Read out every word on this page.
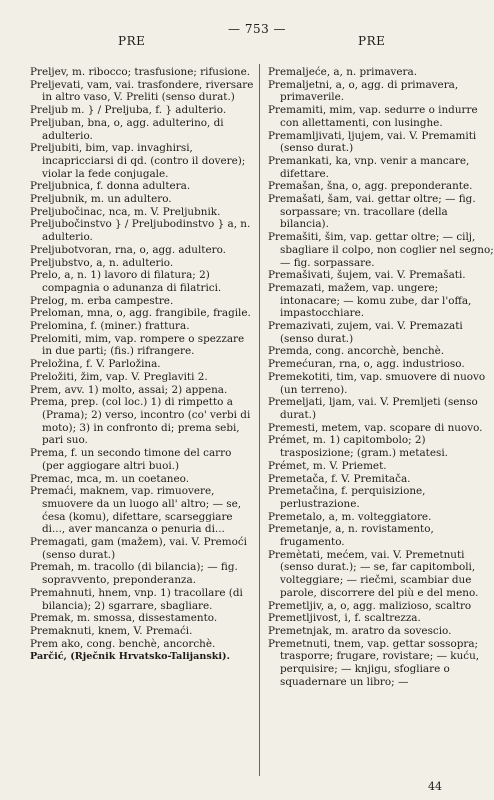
PRE
— 753 —
PRE

Preljev, m. ribocco; trasfusione; rifusione.

Preljevati, vam, vai. trasfondere, riversare in altro vaso, V. Preliti (senso durat.)

Preljub m. } / Preljuba, f. } adulterio.

Preljuban, bna, o, agg. adulterino, di adulterio.

Preljubiti, bim, vap. invaghirsi, incapricciarsi di qd. (contro il dovere); violar la fede conjugale.

Preljubnica, f. donna adultera.

Preljubnik, m. un adultero.

Preljubočinac, nca, m. V. Preljubnik.

Preljubočinstvo } / Preljubodinstvo } a, n. adulterio.

Preljubotvoran, rna, o, agg. adultero.

Preljubstvo, a, n. adulterio.

Prelo, a, n. 1) lavoro di filatura; 2) compagnia o adunanza di filatrici.

Prelog, m. erba campestre.

Preloman, mna, o, agg. frangibile, fragile.

Prelomina, f. (miner.) frattura.

Prelomiti, mim, vap. rompere o spezzare in due parti; (fis.) rifrangere.

Preložina, f. V. Parložina.

Preložiti, žim, vap. V. Preglaviti 2.

Prem, avv. 1) molto, assai; 2) appena.

Prema, prep. (col loc.) 1) di rimpetto a (Prama); 2) verso, incontro (co' verbi di moto); 3) in confronto di; prema sebi, pari suo.

Prema, f. un secondo timone del carro (per aggiogare altri buoi.)

Premac, mca, m. un coetaneo.

Premaći, maknem, vap. rimuovere, smuovere da un luogo all' altro; — se, ćesa (komu), difettare, scarseggiare di..., aver mancanza o penuria di...

Premagati, gam (mažem), vai. V. Premoći (senso durat.)

Premah, m. tracollo (di bilancia); — fig. sopravvento, preponderanza.

Premahnuti, hnem, vnp. 1) tracollare (di bilancia); 2) sgarrare, sbagliare.

Premak, m. smossa, dissestamento.

Premaknuti, knem, V. Premaći.

Prem ako, cong. benchè, ancorchè.

Parčić, (Rječnik Hrvatsko-Talijanski).

Premaljeće, a, n. primavera.

Premaljetni, a, o, agg. di primavera, primaverile.

Premamiti, mim, vap. sedurre o indurre con allettamenti, con lusinghe.

Premamljivati, ljujem, vai. V. Premamiti (senso durat.)

Premankati, ka, vnp. venir a mancare, difettare.

Premašan, šna, o, agg. preponderante.

Premašati, šam, vai. gettar oltre; — fig. sorpassare; vn. tracollare (della bilancia).

Premašiti, šim, vap. gettar oltre; — cilj, sbagliare il colpo, non coglier nel segno; — fig. sorpassare.

Premašivati, šujem, vai. V. Premašati.

Premazati, mažem, vap. ungere; intonacare; — komu zube, dar l'offa, impastocchiare.

Premazivati, zujem, vai. V. Premazati (senso durat.)

Premda, cong. ancorchè, benchè.

Premećuran, rna, o, agg. industrioso.

Premekotiti, tim, vap. smuovere di nuovo (un terreno).

Premeljati, ljam, vai. V. Premljeti (senso durat.)

Premesti, metem, vap. scopare di nuovo.

Prémet, m. 1) capitombolo; 2) trasposizione; (gram.) metatesi.

Prémet, m. V. Priemet.

Premetača, f. V. Premitača.

Premetačina, f. perquisizione, perlustrazione.

Premetalo, a, m. volteggiatore.

Premetanje, a, n. rovistamento, frugamento.

Premètati, mećem, vai. V. Premetnuti (senso durat.); — se, far capitomboli, volteggiare; — riečmi, scambiar due parole, discorrere del più e del meno.

Premetljiv, a, o, agg. malizioso, scaltro

Premetljivost, i, f. scaltrezza.

Premetnjak, m. aratro da sovescio.

Premetnuti, tnem, vap. gettar sossopra; trasporre; frugare, rovistare; — kuću, perquisire; — knjigu, sfogliare o squadernare un libro; —

44
